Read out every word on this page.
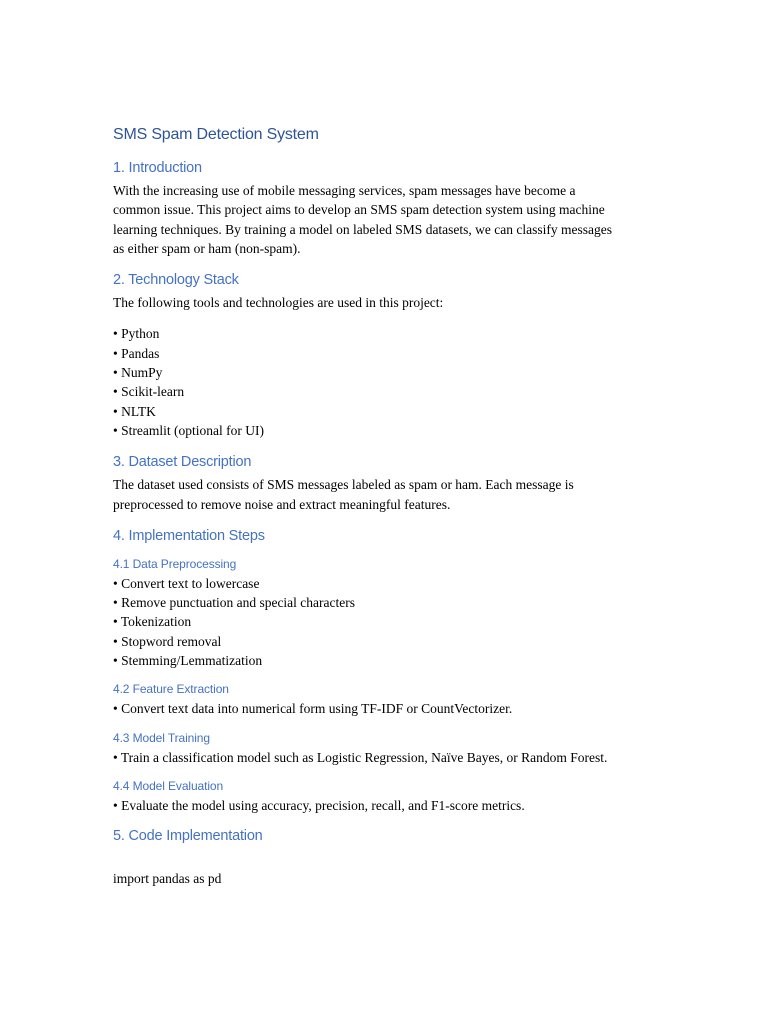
SMS Spam Detection System
1. Introduction

With the increasing use of mobile messaging services, spam messages have become a
common issue. This project aims to develop an SMS spam detection system using machine
learning techniques. By training a model on labeled SMS datasets, we can classify messages
as either spam or ham (non-spam).

2. Technology Stack

The following tools and technologies are used in this project:

• Python
• Pandas
• NumPy
• Scikit-learn
• NLTK
• Streamlit (optional for UI)
3. Dataset Description

The dataset used consists of SMS messages labeled as spam or ham. Each message is
preprocessed to remove noise and extract meaningful features.

4. Implementation Steps
4.1 Data Preprocessing
• Convert text to lowercase
• Remove punctuation and special characters
• Tokenization
• Stopword removal
• Stemming/Lemmatization
4.2 Feature Extraction
• Convert text data into numerical form using TF-IDF or CountVectorizer.
4.3 Model Training
• Train a classification model such as Logistic Regression, Naïve Bayes, or Random Forest.
4.4 Model Evaluation
• Evaluate the model using accuracy, precision, recall, and F1-score metrics.
5. Code Implementation

import pandas as pd
